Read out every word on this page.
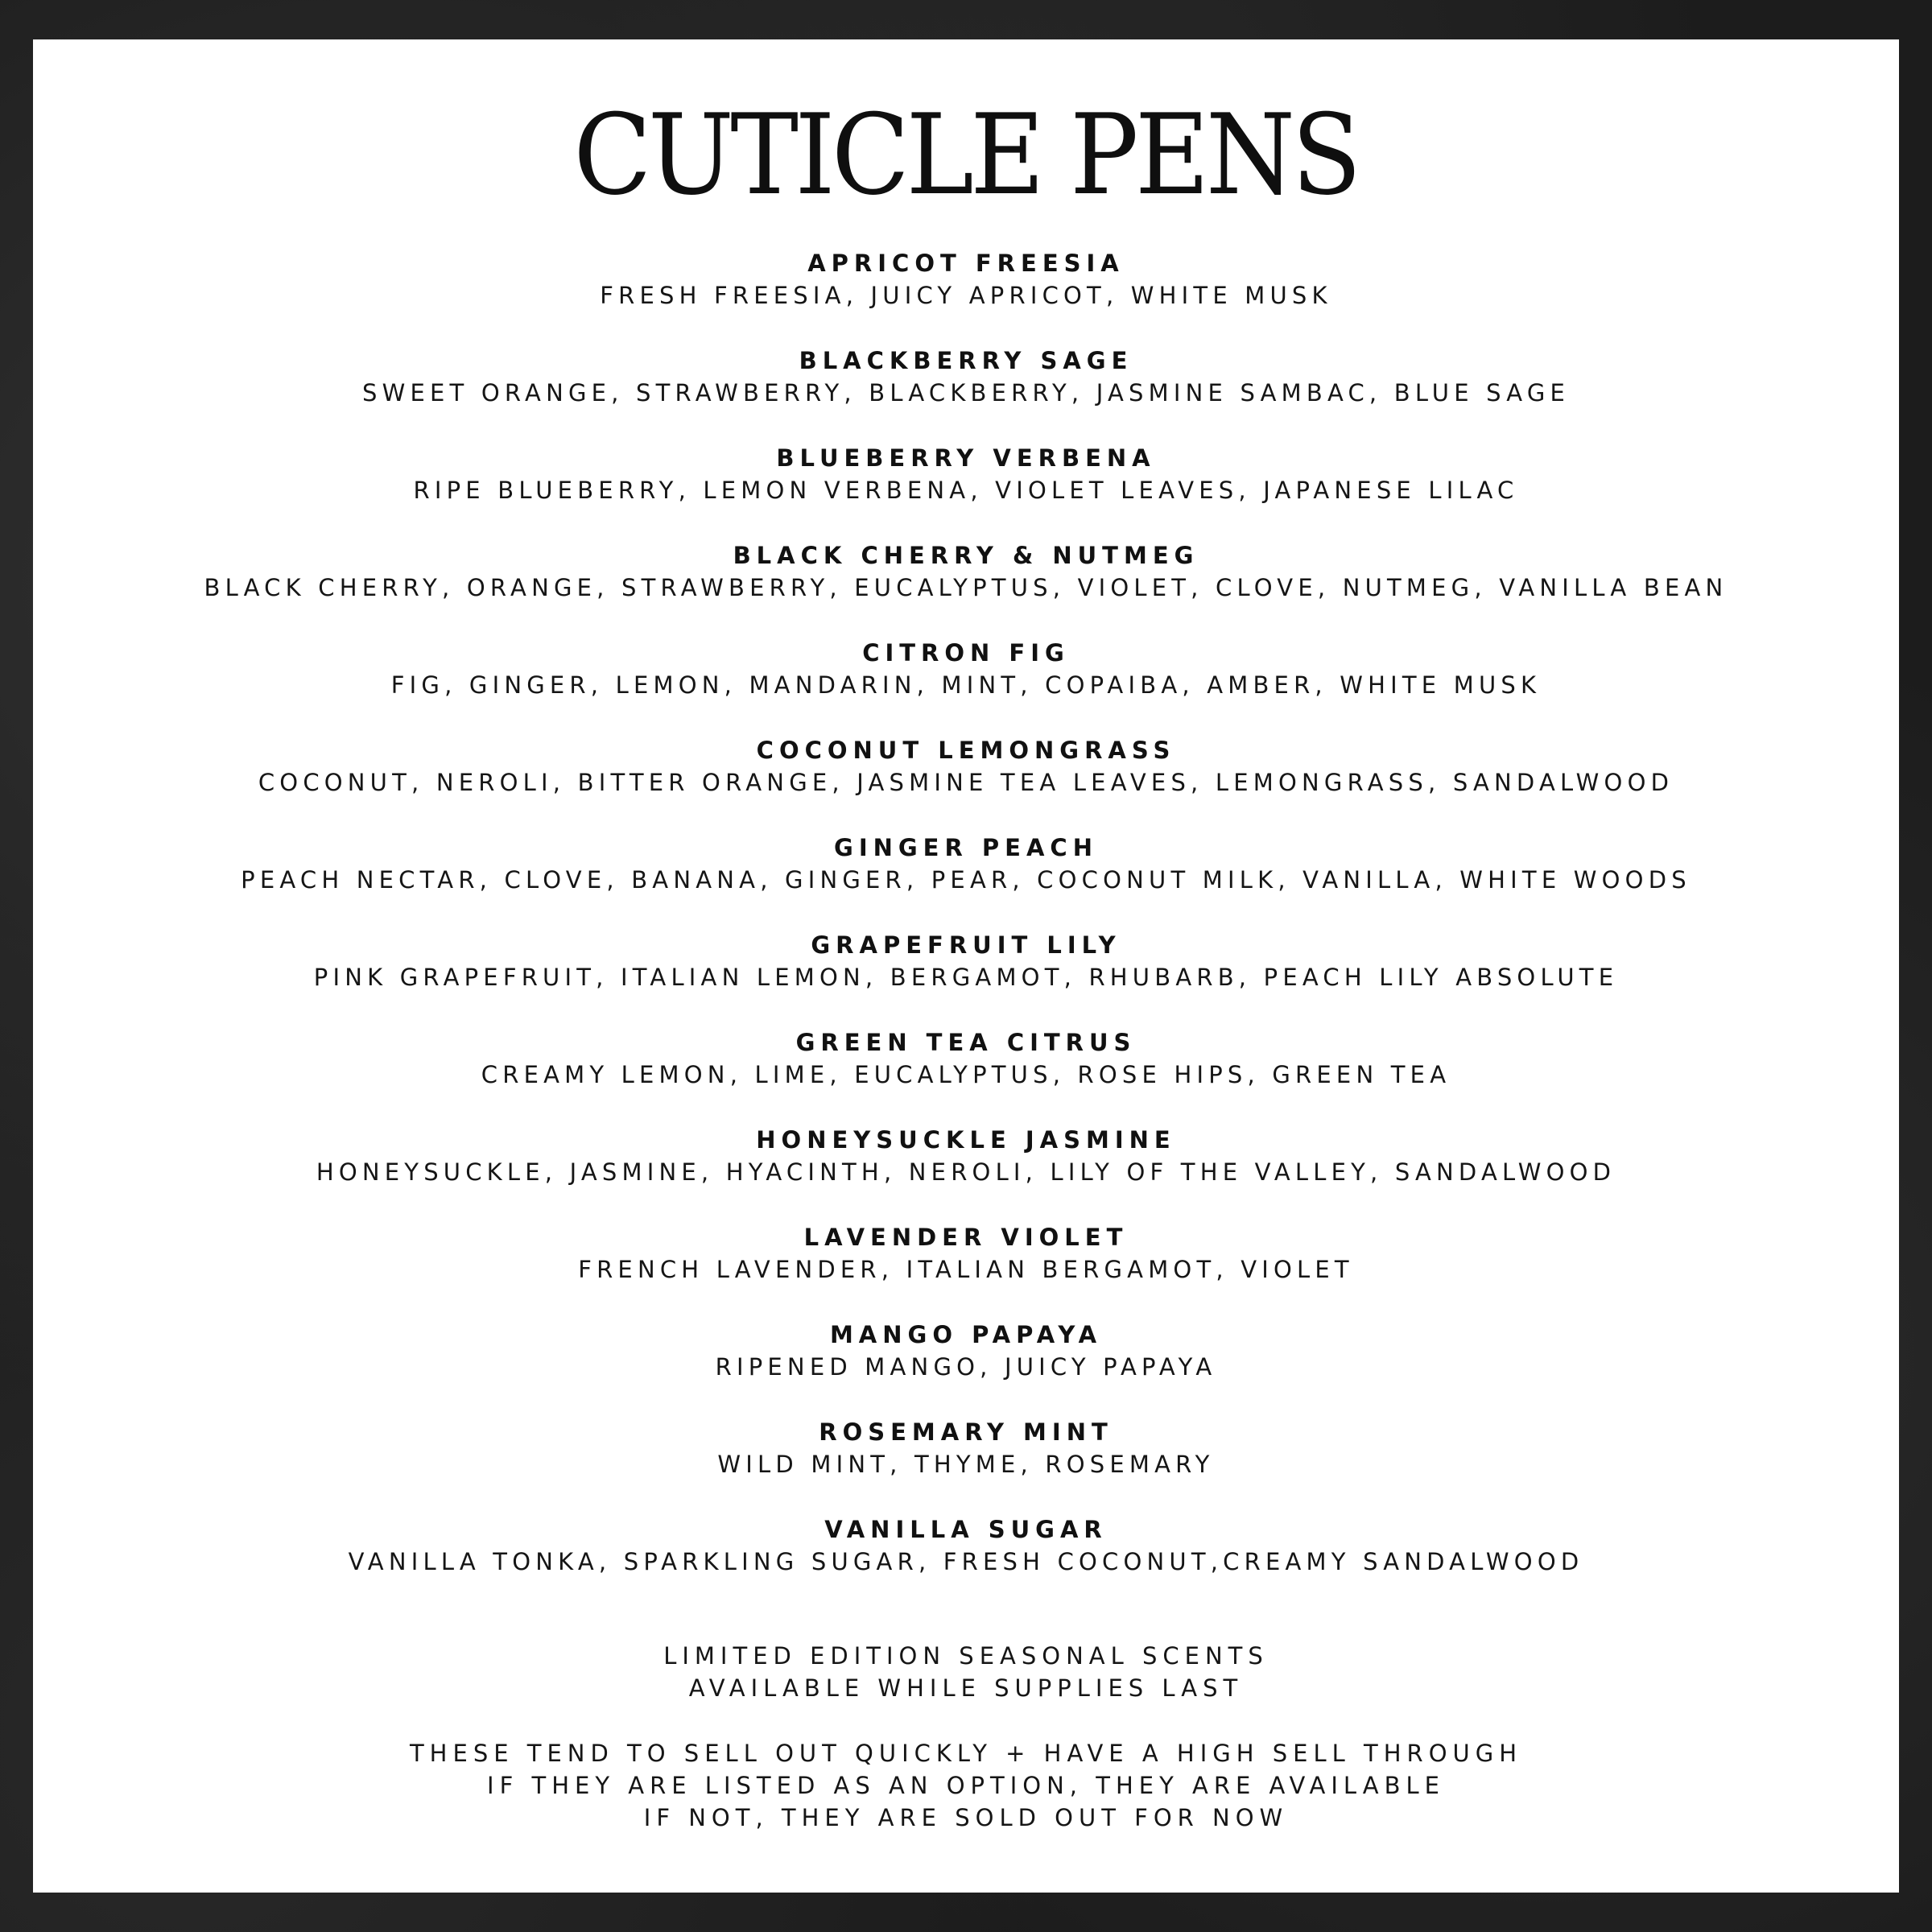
CUTICLE PENS
APRICOT FREESIA
FRESH FREESIA, JUICY APRICOT, WHITE MUSK
BLACKBERRY SAGE
SWEET ORANGE, STRAWBERRY, BLACKBERRY, JASMINE SAMBAC, BLUE SAGE
BLUEBERRY VERBENA
RIPE BLUEBERRY, LEMON VERBENA, VIOLET LEAVES, JAPANESE LILAC
BLACK CHERRY & NUTMEG
BLACK CHERRY, ORANGE, STRAWBERRY, EUCALYPTUS, VIOLET, CLOVE, NUTMEG, VANILLA BEAN
CITRON FIG
FIG, GINGER, LEMON, MANDARIN, MINT, COPAIBA, AMBER, WHITE MUSK
COCONUT LEMONGRASS
COCONUT, NEROLI, BITTER ORANGE, JASMINE TEA LEAVES, LEMONGRASS, SANDALWOOD
GINGER PEACH
PEACH NECTAR, CLOVE, BANANA, GINGER, PEAR, COCONUT MILK, VANILLA, WHITE WOODS
GRAPEFRUIT LILY
PINK GRAPEFRUIT, ITALIAN LEMON, BERGAMOT, RHUBARB, PEACH LILY ABSOLUTE
GREEN TEA CITRUS
CREAMY LEMON, LIME, EUCALYPTUS, ROSE HIPS, GREEN TEA
HONEYSUCKLE JASMINE
HONEYSUCKLE, JASMINE, HYACINTH, NEROLI, LILY OF THE VALLEY, SANDALWOOD
LAVENDER VIOLET
FRENCH LAVENDER, ITALIAN BERGAMOT, VIOLET
MANGO PAPAYA
RIPENED MANGO, JUICY PAPAYA
ROSEMARY MINT
WILD MINT, THYME, ROSEMARY
VANILLA SUGAR
VANILLA TONKA, SPARKLING SUGAR, FRESH COCONUT,CREAMY SANDALWOOD
LIMITED EDITION SEASONAL SCENTS
AVAILABLE WHILE SUPPLIES LAST
THESE TEND TO SELL OUT QUICKLY + HAVE A HIGH SELL THROUGH
IF THEY ARE LISTED AS AN OPTION, THEY ARE AVAILABLE
IF NOT, THEY ARE SOLD OUT FOR NOW
